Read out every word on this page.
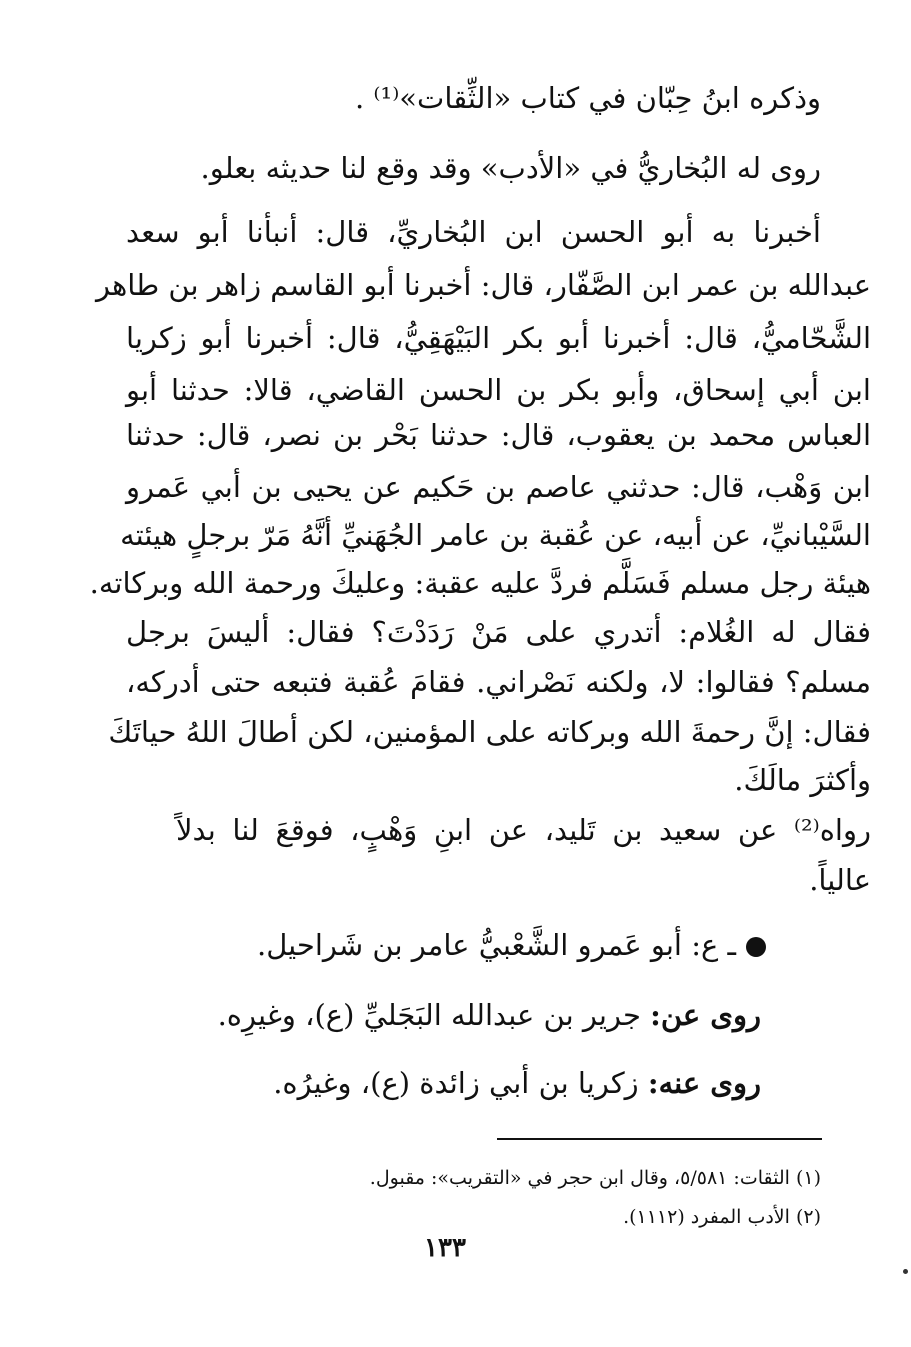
وذكره ابنُ حِبّان في كتاب «الثِّقات»⁽¹⁾ .
روى له البُخاريُّ في «الأدب» وقد وقع لنا حديثه بعلو.
أخبرنا به أبو الحسن ابن البُخاريِّ، قال: أنبأنا أبو سعد
عبدالله بن عمر ابن الصَّفّار، قال: أخبرنا أبو القاسم زاهر بن طاهر
الشَّحّاميُّ، قال: أخبرنا أبو بكر البَيْهَقِيُّ، قال: أخبرنا أبو زكريا
ابن أبي إسحاق، وأبو بكر بن الحسن القاضي، قالا: حدثنا أبو
العباس محمد بن يعقوب، قال: حدثنا بَحْر بن نصر، قال: حدثنا
ابن وَهْب، قال: حدثني عاصم بن حَكيم عن يحيى بن أبي عَمرو
السَّيْبانيِّ، عن أبيه، عن عُقبة بن عامر الجُهَنيِّ أنَّهُ مَرّ برجلٍ هيئته
هيئة رجل مسلم فَسَلَّم فردَّ عليه عقبة: وعليكَ ورحمة الله وبركاته.
فقال له الغُلام: أتدري على مَنْ رَدَدْتَ؟ فقال: أليسَ برجل
مسلم؟ فقالوا: لا، ولكنه نَصْراني. فقامَ عُقبة فتبعه حتى أدركه،
فقال: إنَّ رحمةَ الله وبركاته على المؤمنين، لكن أطالَ اللهُ حياتَكَ
وأكثرَ مالَكَ.
رواه⁽²⁾ عن سعيد بن تَليد، عن ابنِ وَهْبٍ، فوقعَ لنا بدلاً
عالياً.
ـ ع: أبو عَمرو الشَّعْبيُّ عامر بن شَراحيل.
روى عن: جرير بن عبدالله البَجَليِّ (ع)، وغيرِه.
روى عنه: زكريا بن أبي زائدة (ع)، وغيرُه.
(١) الثقات: ٥/٥٨١، وقال ابن حجر في «التقريب»: مقبول.
(٢) الأدب المفرد (١١١٢).
١٣٣
